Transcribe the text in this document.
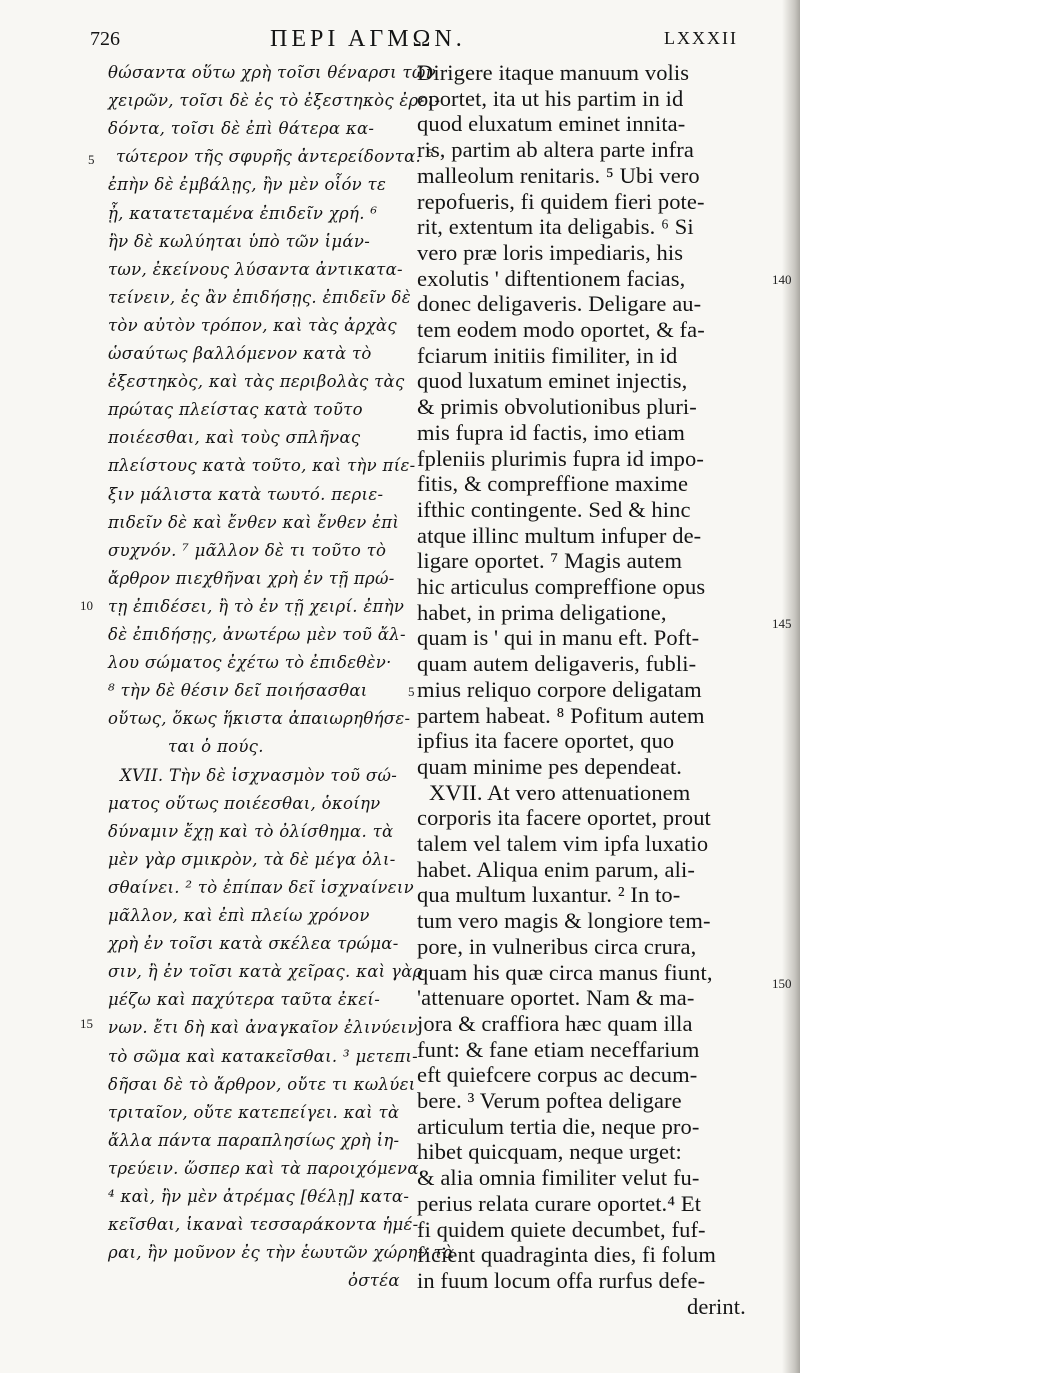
726	ΠΕΡΙ ΑΓΜΩΝ.	LXXXII
θώσαντα οὕτω χρὴ τοῖσι θέναρσι τῶν
χειρῶν, τοῖσι δὲ ἐς τὸ ἐξεστηκὸς ἐρει-
δόντα, τοῖσι δὲ ἐπὶ θάτερα κα-
τώτερον τῆς σφυρῆς ἀντερείδοντα. ⁵
ἐπὴν δὲ ἐμβάλῃς, ἢν μὲν οἷόν τε
ᾖ, κατατεταμένα ἐπιδεῖν χρή. ⁶
ἢν δὲ κωλύηται ὑπὸ τῶν ἱμάν-
των, ἐκείνους λύσαντα ἀντικατα-
τείνειν, ἐς ἂν ἐπιδήσῃς. ἐπιδεῖν δὲ
τὸν αὐτὸν τρόπον, καὶ τὰς ἀρχὰς
ὡσαύτως βαλλόμενον κατὰ τὸ
ἐξεστηκὸς, καὶ τὰς περιβολὰς τὰς
πρώτας πλείστας κατὰ τοῦτο
ποιέεσθαι, καὶ τοὺς σπλῆνας
πλείστους κατὰ τοῦτο, καὶ τὴν πίε-
ξιν μάλιστα κατὰ τωυτό. περιε-
πιδεῖν δὲ καὶ ἔνθεν καὶ ἔνθεν ἐπὶ
συχνόν. ⁷ μᾶλλον δὲ τι τοῦτο τὸ
ἄρθρον πιεχθῆναι χρὴ ἐν τῇ πρώ-
τῃ ἐπιδέσει, ἢ τὸ ἐν τῇ χειρί. ἐπὴν
δὲ ἐπιδήσῃς, ἀνωτέρω μὲν τοῦ ἄλ-
λου σώματος ἐχέτω τὸ ἐπιδεθὲν·
⁸ τὴν δὲ θέσιν δεῖ ποιήσασθαι
οὕτως, ὅκως ἥκιστα ἀπαιωρηθήσε-
ται ὁ πούς.
XVII. Τὴν δὲ ἰσχνασμὸν τοῦ σώ-
ματος οὕτως ποιέεσθαι, ὁκοίην
δύναμιν ἔχῃ καὶ τὸ ὀλίσθημα. τὰ
μὲν γὰρ σμικρὸν, τὰ δὲ μέγα ὀλι-
σθαίνει. ² τὸ ἐπίπαν δεῖ ἰσχναίνειν
μᾶλλον, καὶ ἐπὶ πλείω χρόνον
χρὴ ἐν τοῖσι κατὰ σκέλεα τρώμα-
σιν, ἢ ἐν τοῖσι κατὰ χεῖρας. καὶ γὰρ
μέζω καὶ παχύτερα ταῦτα ἐκεί-
νων. ἔτι δὴ καὶ ἀναγκαῖον ἐλινύειν
τὸ σῶμα καὶ κατακεῖσθαι. ³ μετεπι-
δῆσαι δὲ τὸ ἄρθρον, οὔτε τι κωλύει
τριταῖον, οὔτε κατεπείγει. καὶ τὰ
ἄλλα πάντα παραπλησίως χρὴ ἰη-
τρεύειν. ὥσπερ καὶ τὰ παροιχόμενα.
⁴ καὶ, ἢν μὲν ἀτρέμας [θέλῃ] κατα-
κεῖσθαι, ἱκαναὶ τεσσαράκοντα ἡμέ-
ραι, ἢν μοῦνον ἐς τὴν ἑωυτῶν χώρην τὰ
ὀστέα
Dirigere itaque manuum volis
oportet, ita ut his partim in id
quod eluxatum eminet innita-
ris, partim ab altera parte infra
malleolum renitaris. ⁵ Ubi vero
repofueris, fi quidem fieri pote-
rit, extentum ita deligabis. ⁶ Si
vero præ loris impediaris, his
exolutis ' diftentionem facias,
donec deligaveris. Deligare au-
tem eodem modo oportet, & fa-
fciarum initiis fimiliter, in id
quod luxatum eminet injectis,
& primis obvolutionibus pluri-
mis fupra id factis, imo etiam
fpleniis plurimis fupra id impo-
fitis, & compreffione maxime
ifthic contingente. Sed & hinc
atque illinc multum infuper de-
ligare oportet. ⁷ Magis autem
hic articulus compreffione opus
habet, in prima deligatione,
quam is ' qui in manu eft. Poft-
quam autem deligaveris, fubli-
mius reliquo corpore deligatam
partem habeat. ⁸ Pofitum autem
ipfius ita facere oportet, quo
quam minime pes dependeat.
XVII. At vero attenuationem
corporis ita facere oportet, prout
talem vel talem vim ipfa luxatio
habet. Aliqua enim parum, ali-
qua multum luxantur. ² In to-
tum vero magis & longiore tem-
pore, in vulneribus circa crura,
quam his quæ circa manus fiunt,
'attenuare oportet. Nam & ma-
jora & craffiora hæc quam illa
funt: & fane etiam neceffarium
eft quiefcere corpus ac decum-
bere. ³ Verum poftea deligare
articulum tertia die, neque pro-
hibet quicquam, neque urget:
& alia omnia fimiliter velut fu-
perius relata curare oportet.⁴ Et
fi quidem quiete decumbet, fuf-
ficient quadraginta dies, fi folum
in fuum locum offa rurfus defe-
derint.
5
10
15
5
140
145
150
